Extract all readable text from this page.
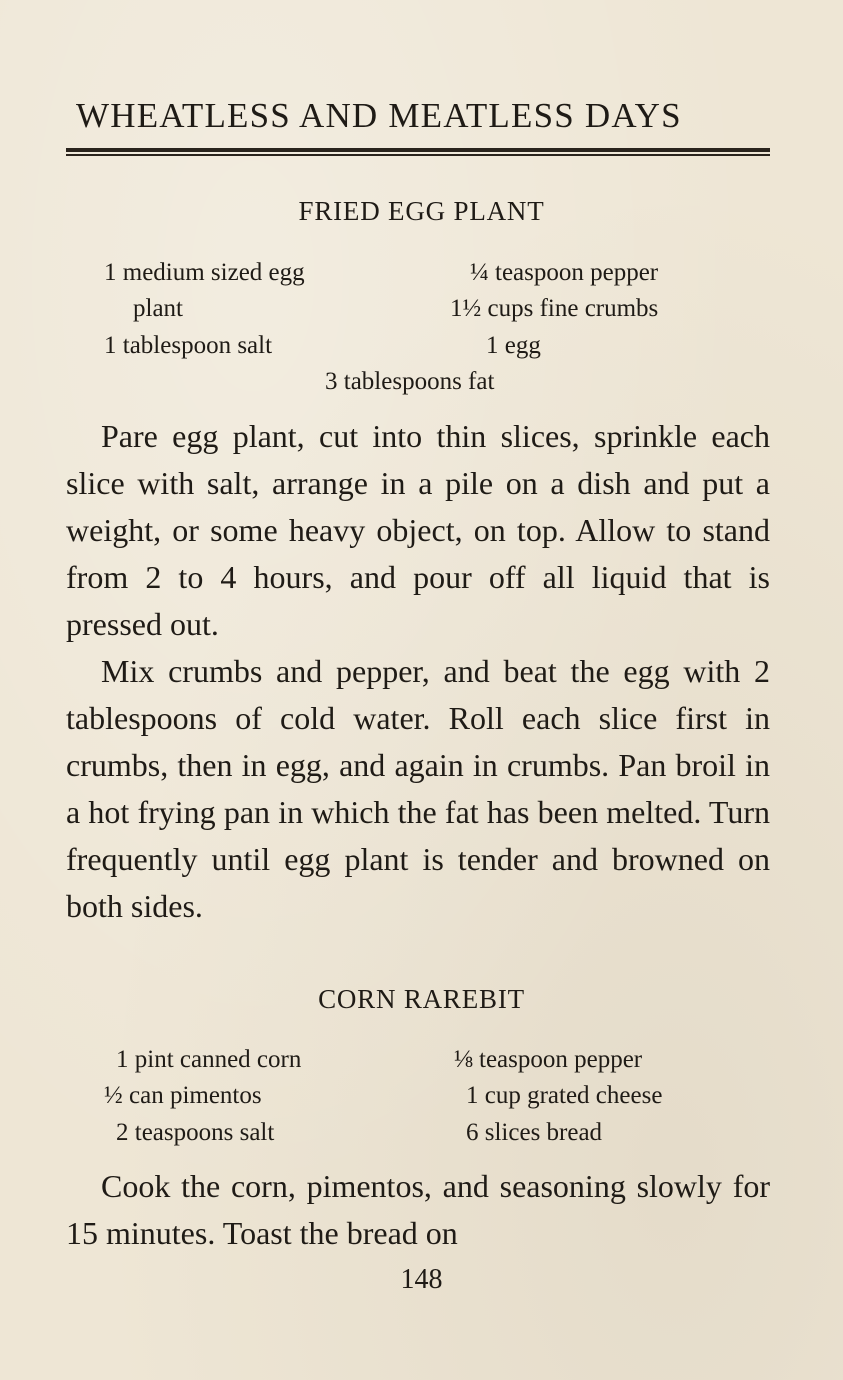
WHEATLESS AND MEATLESS DAYS
FRIED EGG PLANT
1 medium sized egg
plant
1 tablespoon salt
¼ teaspoon pepper
1½ cups fine crumbs
1 egg
3 tablespoons fat

Pare egg plant, cut into thin slices, sprinkle each slice with salt, arrange in a pile on a dish and put a weight, or some heavy object, on top. Allow to stand from 2 to 4 hours, and pour off all liquid that is pressed out.

Mix crumbs and pepper, and beat the egg with 2 tablespoons of cold water. Roll each slice first in crumbs, then in egg, and again in crumbs. Pan broil in a hot frying pan in which the fat has been melted. Turn frequently until egg plant is tender and browned on both sides.

CORN RAREBIT
1 pint canned corn
½ can pimentos
2 teaspoons salt
⅛ teaspoon pepper
1 cup grated cheese
6 slices bread

Cook the corn, pimentos, and seasoning slowly for 15 minutes. Toast the bread on

148
